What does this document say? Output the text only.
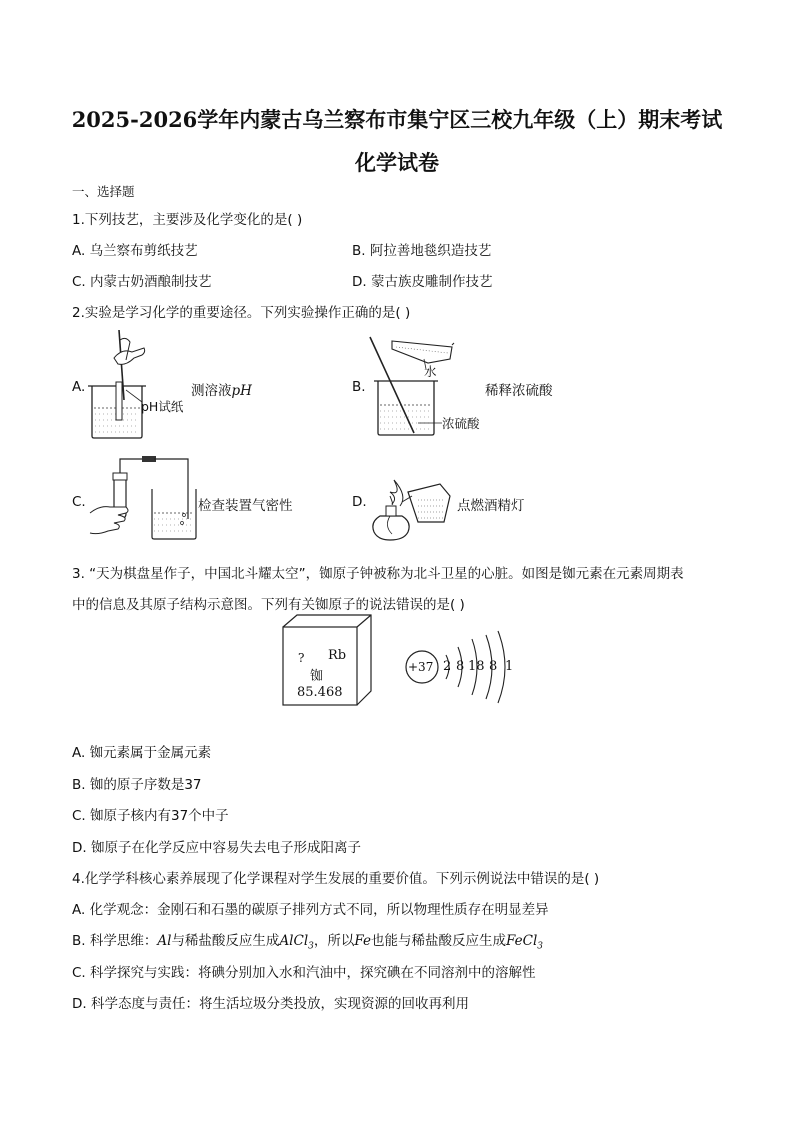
2025-2026学年内蒙古乌兰察布市集宁区三校九年级（上）期末考试
化学试卷
一、选择题
1.下列技艺，主要涉及化学变化的是( )
A. 乌兰察布剪纸技艺	B. 阿拉善地毯织造技艺
C. 内蒙古奶酒酿制技艺	D. 蒙古族皮雕制作技艺
2.实验是学习化学的重要途径。下列实验操作正确的是( )
A.
pH试纸
测溶液pH	B.
水
浓硫酸
稀释浓硫酸
C.	检查装置气密性	D.	点燃酒精灯
3. “天为棋盘星作子，中国北斗耀太空”，铷原子钟被称为北斗卫星的心脏。如图是铷元素在元素周期表
中的信息及其原子结构示意图。下列有关铷原子的说法错误的是( )
? Rb
铷
85.468
+37 2 8 18 8 1
A. 铷元素属于金属元素
B. 铷的原子序数是37
C. 铷原子核内有37个中子
D. 铷原子在化学反应中容易失去电子形成阳离子
4.化学学科核心素养展现了化学课程对学生发展的重要价值。下列示例说法中错误的是( )
A. 化学观念：金刚石和石墨的碳原子排列方式不同，所以物理性质存在明显差异
B. 科学思维：Al与稀盐酸反应生成AlCl$_3$，所以Fe也能与稀盐酸反应生成FeCl$_3$
C. 科学探究与实践：将碘分别加入水和汽油中，探究碘在不同溶剂中的溶解性
D. 科学态度与责任：将生活垃圾分类投放，实现资源的回收再利用
